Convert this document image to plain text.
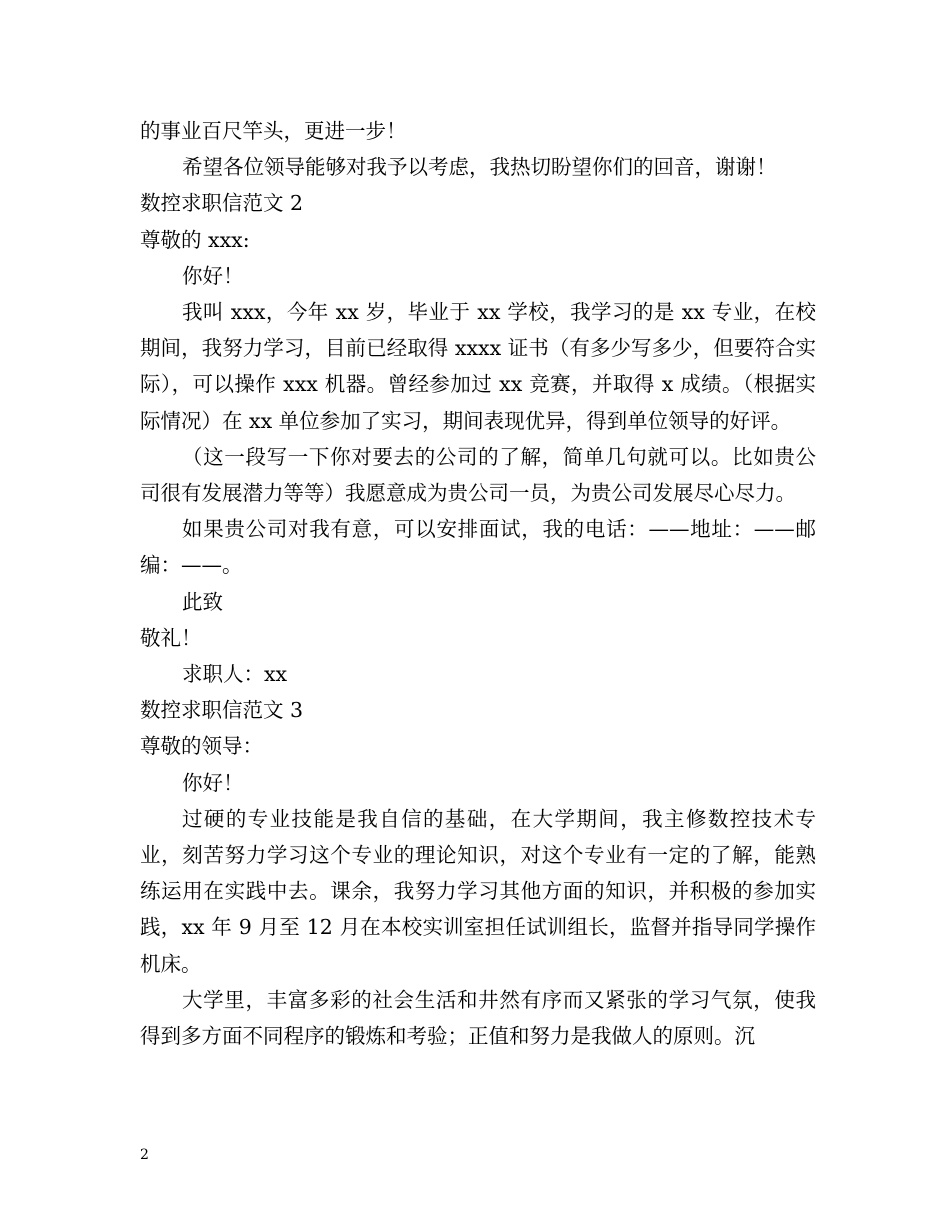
的事业百尺竿头，更进一步！

希望各位领导能够对我予以考虑，我热切盼望你们的回音，谢谢！

数控求职信范文 2

尊敬的 xxx:

你好！

我叫 xxx，今年 xx 岁，毕业于 xx 学校，我学习的是 xx 专业，在校期间，我努力学习，目前已经取得 xxxx 证书（有多少写多少，但要符合实际），可以操作 xxx 机器。曾经参加过 xx 竞赛，并取得 x 成绩。（根据实际情况）在 xx 单位参加了实习，期间表现优异，得到单位领导的好评。

（这一段写一下你对要去的公司的了解，简单几句就可以。比如贵公司很有发展潜力等等）我愿意成为贵公司一员，为贵公司发展尽心尽力。

如果贵公司对我有意，可以安排面试，我的电话：——地址：——邮编：——。

此致

敬礼！

求职人：xx

数控求职信范文 3

尊敬的领导：

你好！

过硬的专业技能是我自信的基础，在大学期间，我主修数控技术专业，刻苦努力学习这个专业的理论知识，对这个专业有一定的了解，能熟练运用在实践中去。课余，我努力学习其他方面的知识，并积极的参加实践，xx 年 9 月至 12 月在本校实训室担任试训组长，监督并指导同学操作机床。

大学里，丰富多彩的社会生活和井然有序而又紧张的学习气氛，使我得到多方面不同程序的锻炼和考验；正值和努力是我做人的原则。沉

2
